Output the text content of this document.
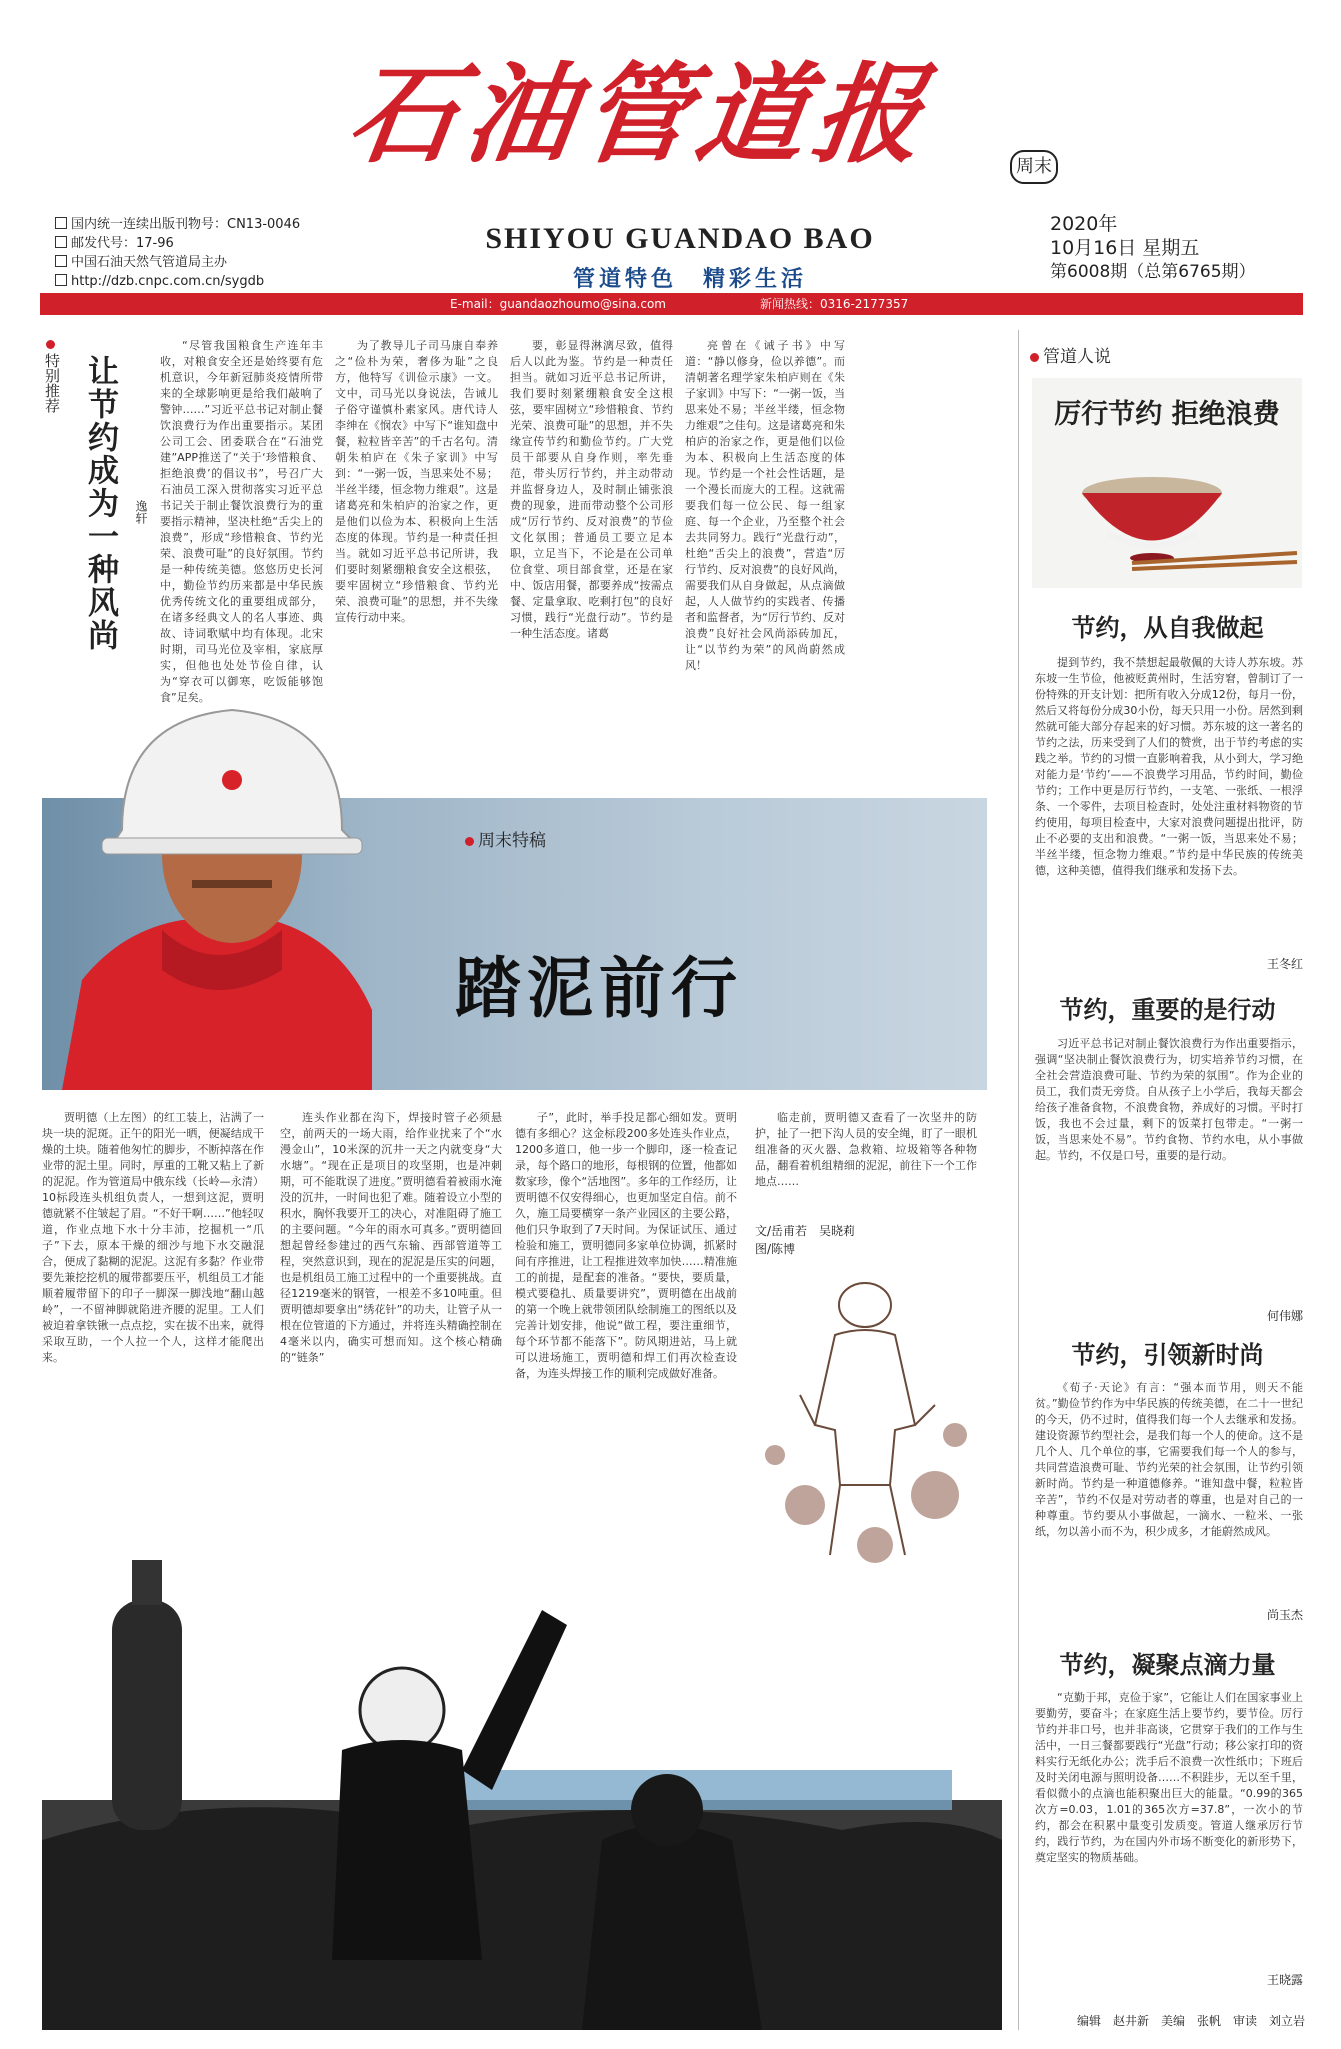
石油管道报	周末
SHIYOU GUANDAO BAO
管道特色　精彩生活
国内统一连续出版刊物号：CN13-0046
邮发代号：17-96
中国石油天然气管道局主办
http://dzb.cnpc.com.cn/sygdb
2020年
10月16日 星期五
第6008期（总第6765期）
E-mail：guandaozhoumo@sina.com	新闻热线：0316-2177357
特别推荐 让节约成为一种风尚 逸轩

“尽管我国粮食生产连年丰收，对粮食安全还是始终要有危机意识，今年新冠肺炎疫情所带来的全球影响更是给我们敲响了警钟……”习近平总书记对制止餐饮浪费行为作出重要指示。某团公司工会、团委联合在“石油党建”APP推送了“关于‘珍惜粮食、拒绝浪费’的倡议书”，号召广大石油员工深入贯彻落实习近平总书记关于制止餐饮浪费行为的重要指示精神，坚决杜绝“舌尖上的浪费”，形成“珍惜粮食、节约光荣、浪费可耻”的良好氛围。节约是一种传统美德。悠悠历史长河中，勤俭节约历来都是中华民族优秀传统文化的重要组成部分，在诸多经典文人的名人事迹、典故、诗词歌赋中均有体现。北宋时期，司马光位及宰相，家底厚实，但他也处处节俭自律，认为“穿衣可以御寒，吃饭能够饱食”足矣。

为了教导儿子司马康自奉养之“俭朴为荣，奢侈为耻”之良方，他特写《训俭示康》一文。文中，司马光以身说法，告诫儿子俗守谨慎朴素家风。唐代诗人李绅在《悯农》中写下“谁知盘中餐，粒粒皆辛苦”的千古名句。清朝朱柏庐在《朱子家训》中写到：“一粥一饭，当思来处不易；半丝半缕，恒念物力维艰”。这是诸葛亮和朱柏庐的治家之作，更是他们以俭为本、积极向上生活态度的体现。节约是一种责任担当。就如习近平总书记所讲，我们要时刻紧绷粮食安全这根弦，要牢固树立“珍惜粮食、节约光荣、浪费可耻”的思想，并不失缘宣传行动中来。

要，彰显得淋漓尽致，值得后人以此为鉴。节约是一种责任担当。就如习近平总书记所讲，我们要时刻紧绷粮食安全这根弦，要牢固树立“珍惜粮食、节约光荣、浪费可耻”的思想，并不失缘宣传节约和勤俭节约。广大党员干部要从自身作则，率先垂范，带头厉行节约，并主动带动并监督身边人，及时制止铺张浪费的现象，进而带动整个公司形成“厉行节约、反对浪费”的节俭文化氛围；普通员工要立足本职，立足当下，不论是在公司单位食堂、项目部食堂，还是在家中、饭店用餐，都要养成“按需点餐、定量拿取、吃剩打包”的良好习惯，践行“光盘行动”。节约是一种生活态度。诸葛

亮曾在《诫子书》中写道：“静以修身，俭以养德”。而清朝著名理学家朱柏庐则在《朱子家训》中写下：“一粥一饭，当思来处不易；半丝半缕，恒念物力维艰”之佳句。这是诸葛亮和朱柏庐的治家之作，更是他们以俭为本、积极向上生活态度的体现。节约是一个社会性话题，是一个漫长而庞大的工程。这就需要我们每一位公民、每一组家庭、每一个企业，乃至整个社会去共同努力。践行“光盘行动”，杜绝“舌尖上的浪费”，营造“厉行节约、反对浪费”的良好风尚，需要我们从自身做起，从点滴做起，人人做节约的实践者、传播者和监督者，为“厉行节约、反对浪费”良好社会风尚添砖加瓦，让“以节约为荣”的风尚蔚然成风！

周末特稿
踏泥前行
管道人说
厉行节约 拒绝浪费
节约，从自我做起

提到节约，我不禁想起最敬佩的大诗人苏东坡。苏东坡一生节俭，他被贬黄州时，生活穷窘，曾制订了一份特殊的开支计划：把所有收入分成12份，每月一份，然后又将每份分成30小份，每天只用一小份。居然到剩然就可能大部分存起来的好习惯。苏东坡的这一著名的节约之法，历来受到了人们的赞赏，出于节约考虑的实践之举。节约的习惯一直影响着我，从小到大，学习绝对能力是‘节约’——不浪费学习用品，节约时间，勤俭节约；工作中更是厉行节约，一支笔、一张纸、一根浮条、一个零件，去项目检查时，处处注重材料物资的节约使用，每项目检查中，大家对浪费问题提出批评，防止不必要的支出和浪费。“一粥一饭，当思来处不易；半丝半缕，恒念物力维艰。”节约是中华民族的传统美德，这种美德，值得我们继承和发扬下去。

王冬红
节约，重要的是行动

习近平总书记对制止餐饮浪费行为作出重要指示，强调“坚决制止餐饮浪费行为，切实培养节约习惯，在全社会营造浪费可耻、节约为荣的氛围”。作为企业的员工，我们责无旁贷。自从孩子上小学后，我每天都会给孩子准备食物，不浪费食物，养成好的习惯。平时打饭，我也不会过量，剩下的饭菜打包带走。“一粥一饭，当思来处不易”。节约食物、节约水电，从小事做起。节约，不仅是口号，重要的是行动。

何伟娜
节约，引领新时尚

《荀子·天论》有言：“强本而节用，则天不能贫。”勤俭节约作为中华民族的传统美德，在二十一世纪的今天，仍不过时，值得我们每一个人去继承和发扬。建设资源节约型社会，是我们每一个人的使命。这不是几个人、几个单位的事，它需要我们每一个人的参与，共同营造浪费可耻、节约光荣的社会氛围，让节约引领新时尚。节约是一种道德修养。“谁知盘中餐，粒粒皆辛苦”，节约不仅是对劳动者的尊重，也是对自己的一种尊重。节约要从小事做起，一滴水、一粒米、一张纸，勿以善小而不为，积少成多，才能蔚然成风。

尚玉杰
节约，凝聚点滴力量

“克勤于邦，克俭于家”，它能让人们在国家事业上要勤劳，要奋斗；在家庭生活上要节约，要节俭。厉行节约并非口号，也并非高谈，它贯穿于我们的工作与生活中，一日三餐都要践行“光盘”行动；移公家打印的资料实行无纸化办公；洗手后不浪费一次性纸巾；下班后及时关闭电源与照明设备……不积跬步，无以至千里，看似微小的点滴也能积聚出巨大的能量。“0.99的365次方=0.03，1.01的365次方=37.8”，一次小的节约，都会在积累中量变引发质变。管道人继承厉行节约，践行节约，为在国内外市场不断变化的新形势下，奠定坚实的物质基础。

王晓露
编辑　赵井新　美编　张帆　审读　刘立岩

贾明德（上左图）的红工装上，沾满了一块一块的泥斑。正午的阳光一晒，便凝结成干燥的土块。随着他匆忙的脚步，不断掉落在作业带的泥土里。同时，厚重的工靴又粘上了新的泥泥。作为管道局中俄东线（长岭—永清）10标段连头机组负责人，一想到这泥，贾明德就紧不住皱起了眉。“不好干啊……”他轻叹道，作业点地下水十分丰沛，挖掘机一“爪子”下去，原本干燥的细沙与地下水交融混合，便成了黏糊的泥泥。这泥有多黏？作业带要先兼挖挖机的履带都要压平，机组员工才能顺着履带留下的印子一脚深一脚浅地“翻山越岭”，一不留神脚就陷进齐腰的泥里。工人们被迫着拿铁锹一点点挖，实在拔不出来，就得采取互助，一个人拉一个人，这样才能爬出来。

连头作业都在沟下，焊接时管子必须悬空，前两天的一场大雨，给作业扰来了个“水漫金山”，10米深的沉井一天之内就变身“大水塘”。“现在正是项目的攻坚期，也是冲刺期，可不能耽误了进度。”贾明德看着被雨水淹没的沉井，一时间也犯了难。随着设立小型的积水，胸怀我要开工的决心，对准阻碍了施工的主要问题。“今年的雨水可真多。”贾明德回想起曾经参建过的西气东输、西部管道等工程，突然意识到，现在的泥泥是压实的问题，也是机组员工施工过程中的一个重要挑战。直径1219毫米的钢管，一根差不多10吨重。但贾明德却要拿出“绣花针”的功夫，让管子从一根在位管道的下方通过，并将连头精确控制在4毫米以内，确实可想而知。这个核心精确的“链条”

子”，此时，举手投足都心细如发。贾明德有多细心？这金标段200多处连头作业点，1200多道口，他一步一个脚印，逐一检查记录，每个路口的地形，每根钢的位置，他都如数家珍，像个“活地图”。多年的工作经历，让贾明德不仅安得细心，也更加坚定自信。前不久，施工局要横穿一条产业园区的主要公路，他们只争取到了7天时间。为保证试压、通过检验和施工，贾明德同多家单位协调，抓紧时间有序推进，让工程推进效率加快……精准施工的前提，是配套的准备。“要快，要质量，模式要稳扎、质量要讲究”，贾明德在出战前的第一个晚上就带领团队绘制施工的图纸以及完善计划安排，他说“做工程，要注重细节，每个环节都不能落下”。防风期进站，马上就可以进场施工，贾明德和焊工们再次检查设备，为连头焊接工作的顺利完成做好准备。

临走前，贾明德又查看了一次坚井的防护，扯了一把下沟人员的安全绳，盯了一眼机组准备的灭火器、急救箱、垃圾箱等各种物品，翻看着机组精细的泥泥，前往下一个工作地点……

文/岳甫若　吴晓莉
图/陈博
